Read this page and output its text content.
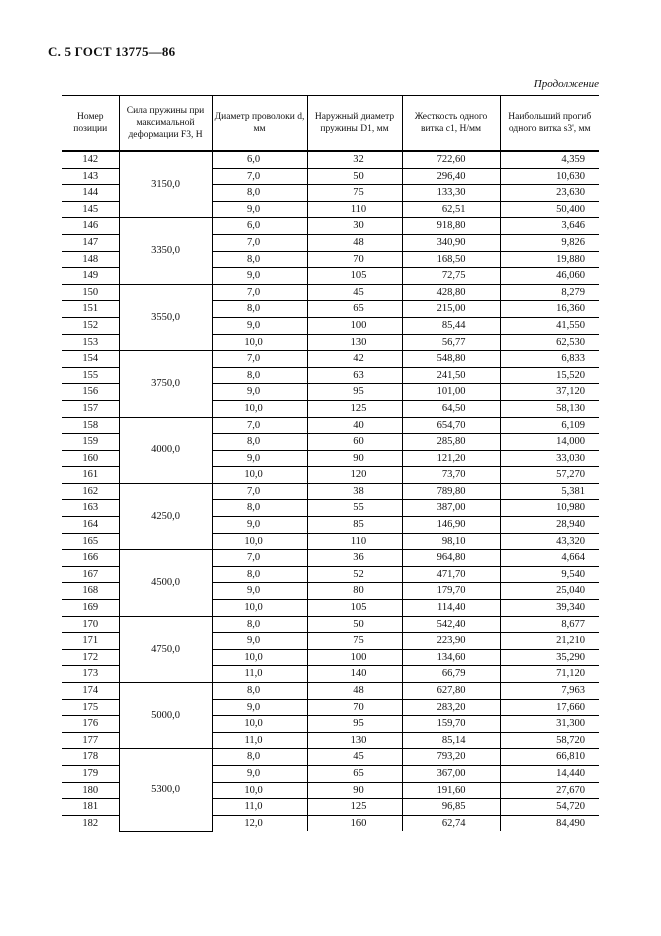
С. 5 ГОСТ 13775—86
Продолжение
Номер позиции	Сила пружины при максимальной деформации F3, Н	Диаметр проволоки d, мм	Наружный диаметр пружины D1, мм	Жесткость одного витка c1, Н/мм	Наибольший прогиб одного витка s3', мм
142	3150,0	6,0	32	722,60	4,359
143		7,0	50	296,40	10,630
144		8,0	75	133,30	23,630
145		9,0	110	62,51	50,400
146	3350,0	6,0	30	918,80	3,646
147		7,0	48	340,90	9,826
148		8,0	70	168,50	19,880
149		9,0	105	72,75	46,060
150	3550,0	7,0	45	428,80	8,279
151		8,0	65	215,00	16,360
152		9,0	100	85,44	41,550
153		10,0	130	56,77	62,530
154	3750,0	7,0	42	548,80	6,833
155		8,0	63	241,50	15,520
156		9,0	95	101,00	37,120
157		10,0	125	64,50	58,130
158	4000,0	7,0	40	654,70	6,109
159		8,0	60	285,80	14,000
160		9,0	90	121,20	33,030
161		10,0	120	73,70	57,270
162	4250,0	7,0	38	789,80	5,381
163		8,0	55	387,00	10,980
164		9,0	85	146,90	28,940
165		10,0	110	98,10	43,320
166	4500,0	7,0	36	964,80	4,664
167		8,0	52	471,70	9,540
168		9,0	80	179,70	25,040
169		10,0	105	114,40	39,340
170	4750,0	8,0	50	542,40	8,677
171		9,0	75	223,90	21,210
172		10,0	100	134,60	35,290
173		11,0	140	66,79	71,120
174	5000,0	8,0	48	627,80	7,963
175		9,0	70	283,20	17,660
176		10,0	95	159,70	31,300
177		11,0	130	85,14	58,720
178	5300,0	8,0	45	793,20	66,810
179		9,0	65	367,00	14,440
180		10,0	90	191,60	27,670
181		11,0	125	96,85	54,720
182		12,0	160	62,74	84,490
